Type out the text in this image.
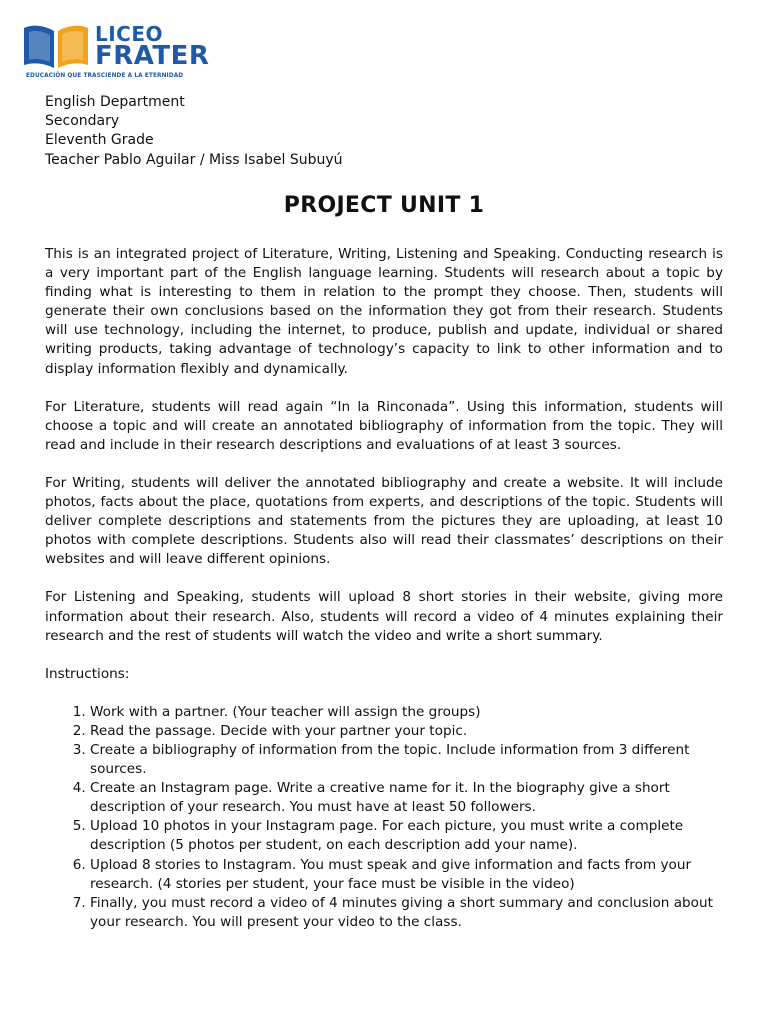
LICEO
FRATER
EDUCACIÓN QUE TRASCIENDE A LA ETERNIDAD
English Department
Secondary
Eleventh Grade
Teacher Pablo Aguilar / Miss Isabel Subuyú
PROJECT UNIT 1

This is an integrated project of Literature, Writing, Listening and Speaking. Conducting research is a very important part of the English language learning. Students will research about a topic by finding what is interesting to them in relation to the prompt they choose. Then, students will generate their own conclusions based on the information they got from their research. Students will use technology, including the internet, to produce, publish and update, individual or shared writing products, taking advantage of technology’s capacity to link to other information and to display information flexibly and dynamically.

For Literature, students will read again “In la Rinconada”. Using this information, students will choose a topic and will create an annotated bibliography of information from the topic. They will read and include in their research descriptions and evaluations of at least 3 sources.

For Writing, students will deliver the annotated bibliography and create a website. It will include photos, facts about the place, quotations from experts, and descriptions of the topic. Students will deliver complete descriptions and statements from the pictures they are uploading, at least 10 photos with complete descriptions. Students also will read their classmates’ descriptions on their websites and will leave different opinions.

For Listening and Speaking, students will upload 8 short stories in their website, giving more information about their research. Also, students will record a video of 4 minutes explaining their research and the rest of students will watch the video and write a short summary.

Instructions:
1. Work with a partner. (Your teacher will assign the groups)
2. Read the passage. Decide with your partner your topic.
3. Create a bibliography of information from the topic. Include information from 3 different sources.
4. Create an Instagram page. Write a creative name for it. In the biography give a short description of your research. You must have at least 50 followers.
5. Upload 10 photos in your Instagram page. For each picture, you must write a complete description (5 photos per student, on each description add your name).
6. Upload 8 stories to Instagram. You must speak and give information and facts from your research. (4 stories per student, your face must be visible in the video)
7. Finally, you must record a video of 4 minutes giving a short summary and conclusion about your research. You will present your video to the class.
